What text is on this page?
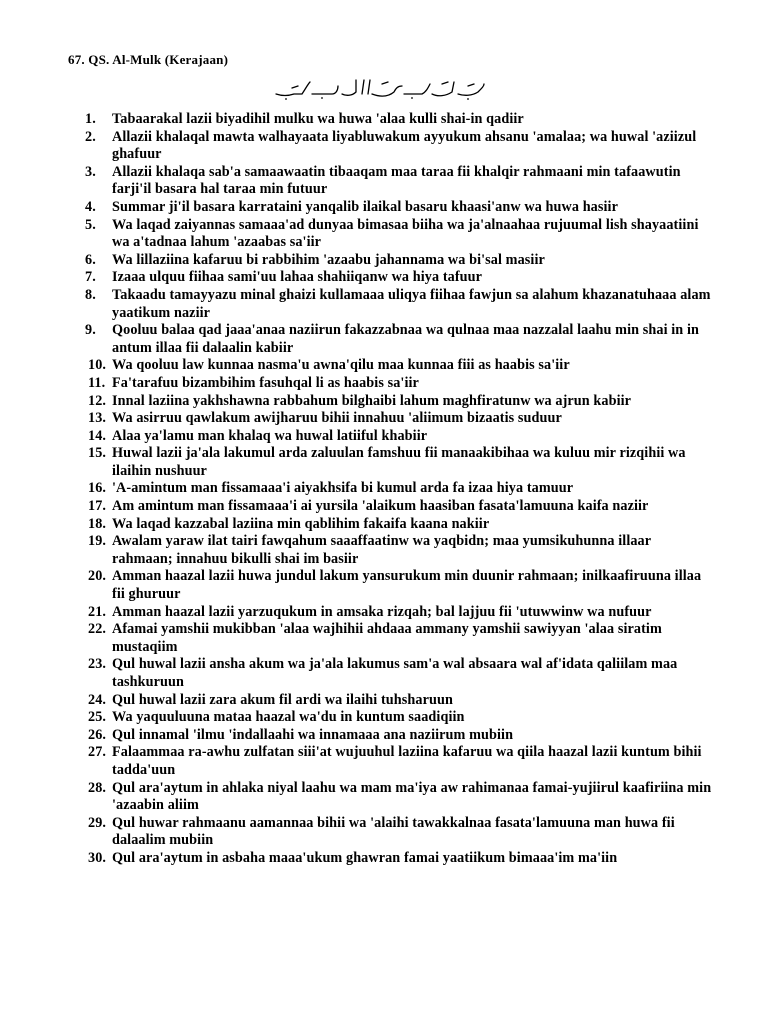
67. QS. Al-Mulk (Kerajaan)
1. Tabaarakal lazii biyadihil mulku wa huwa 'alaa kulli shai-in qadiir
2. Allazii khalaqal mawta walhayaata liyabluwakum ayyukum ahsanu 'amalaa; wa huwal 'aziizul ghafuur
3. Allazii khalaqa sab'a samaawaatin tibaaqam maa taraa fii khalqir rahmaani min tafaawutin farji'il basara hal taraa min futuur
4. Summar ji'il basara karrataini yanqalib ilaikal basaru khaasi'anw wa huwa hasiir
5. Wa laqad zaiyannas samaaa'ad dunyaa bimasaa biiha wa ja'alnaahaa rujuumal lish shayaatiini wa a'tadnaa lahum 'azaabas sa'iir
6. Wa lillaziina kafaruu bi rabbihim 'azaabu jahannama wa bi'sal masiir
7. Izaaa ulquu fiihaa sami'uu lahaa shahiiqanw wa hiya tafuur
8. Takaadu tamayyazu minal ghaizi kullamaaa uliqya fiihaa fawjun sa alahum khazanatuhaaa alam yaatikum naziir
9. Qooluu balaa qad jaaa'anaa naziirun fakazzabnaa wa qulnaa maa nazzalal laahu min shai in in antum illaa fii dalaalin kabiir
10. Wa qooluu law kunnaa nasma'u awna'qilu maa kunnaa fiii as haabis sa'iir
11. Fa'tarafuu bizambihim fasuhqal li as haabis sa'iir
12. Innal laziina yakhshawna rabbahum bilghaibi lahum maghfiratunw wa ajrun kabiir
13. Wa asirruu qawlakum awijharuu bihii innahuu 'aliimum bizaatis suduur
14. Alaa ya'lamu man khalaq wa huwal latiiful khabiir
15. Huwal lazii ja'ala lakumul arda zaluulan famshuu fii manaakibihaa wa kuluu mir rizqihii wa ilaihin nushuur
16. 'A-amintum man fissamaaa'i aiyakhsifa bi kumul arda fa izaa hiya tamuur
17. Am amintum man fissamaaa'i ai yursila 'alaikum haasiban fasata'lamuuna kaifa naziir
18. Wa laqad kazzabal laziina min qablihim fakaifa kaana nakiir
19. Awalam yaraw ilat tairi fawqahum saaaffaatinw wa yaqbidn; maa yumsikuhunna illaar rahmaan; innahuu bikulli shai im basiir
20. Amman haazal lazii huwa jundul lakum yansurukum min duunir rahmaan; inilkaafiruuna illaa fii ghuruur
21. Amman haazal lazii yarzuqukum in amsaka rizqah; bal lajjuu fii 'utuwwinw wa nufuur
22. Afamai yamshii mukibban 'alaa wajhihii ahdaaa ammany yamshii sawiyyan 'alaa siratim mustaqiim
23. Qul huwal lazii ansha akum wa ja'ala lakumus sam'a wal absaara wal af'idata qaliilam maa tashkuruun
24. Qul huwal lazii zara akum fil ardi wa ilaihi tuhsharuun
25. Wa yaquuluuna mataa haazal wa'du in kuntum saadiqiin
26. Qul innamal 'ilmu 'indallaahi wa innamaaa ana naziirum mubiin
27. Falaammaa ra-awhu zulfatan siii'at wujuuhul laziina kafaruu wa qiila haazal lazii kuntum bihii tadda'uun
28. Qul ara'aytum in ahlaka niyal laahu wa mam ma'iya aw rahimanaa famai-yujiirul kaafiriina min 'azaabin aliim
29. Qul huwar rahmaanu aamannaa bihii wa 'alaihi tawakkalnaa fasata'lamuuna man huwa fii dalaalim mubiin
30. Qul ara'aytum in asbaha maaa'ukum ghawran famai yaatiikum bimaaa'im ma'iin
